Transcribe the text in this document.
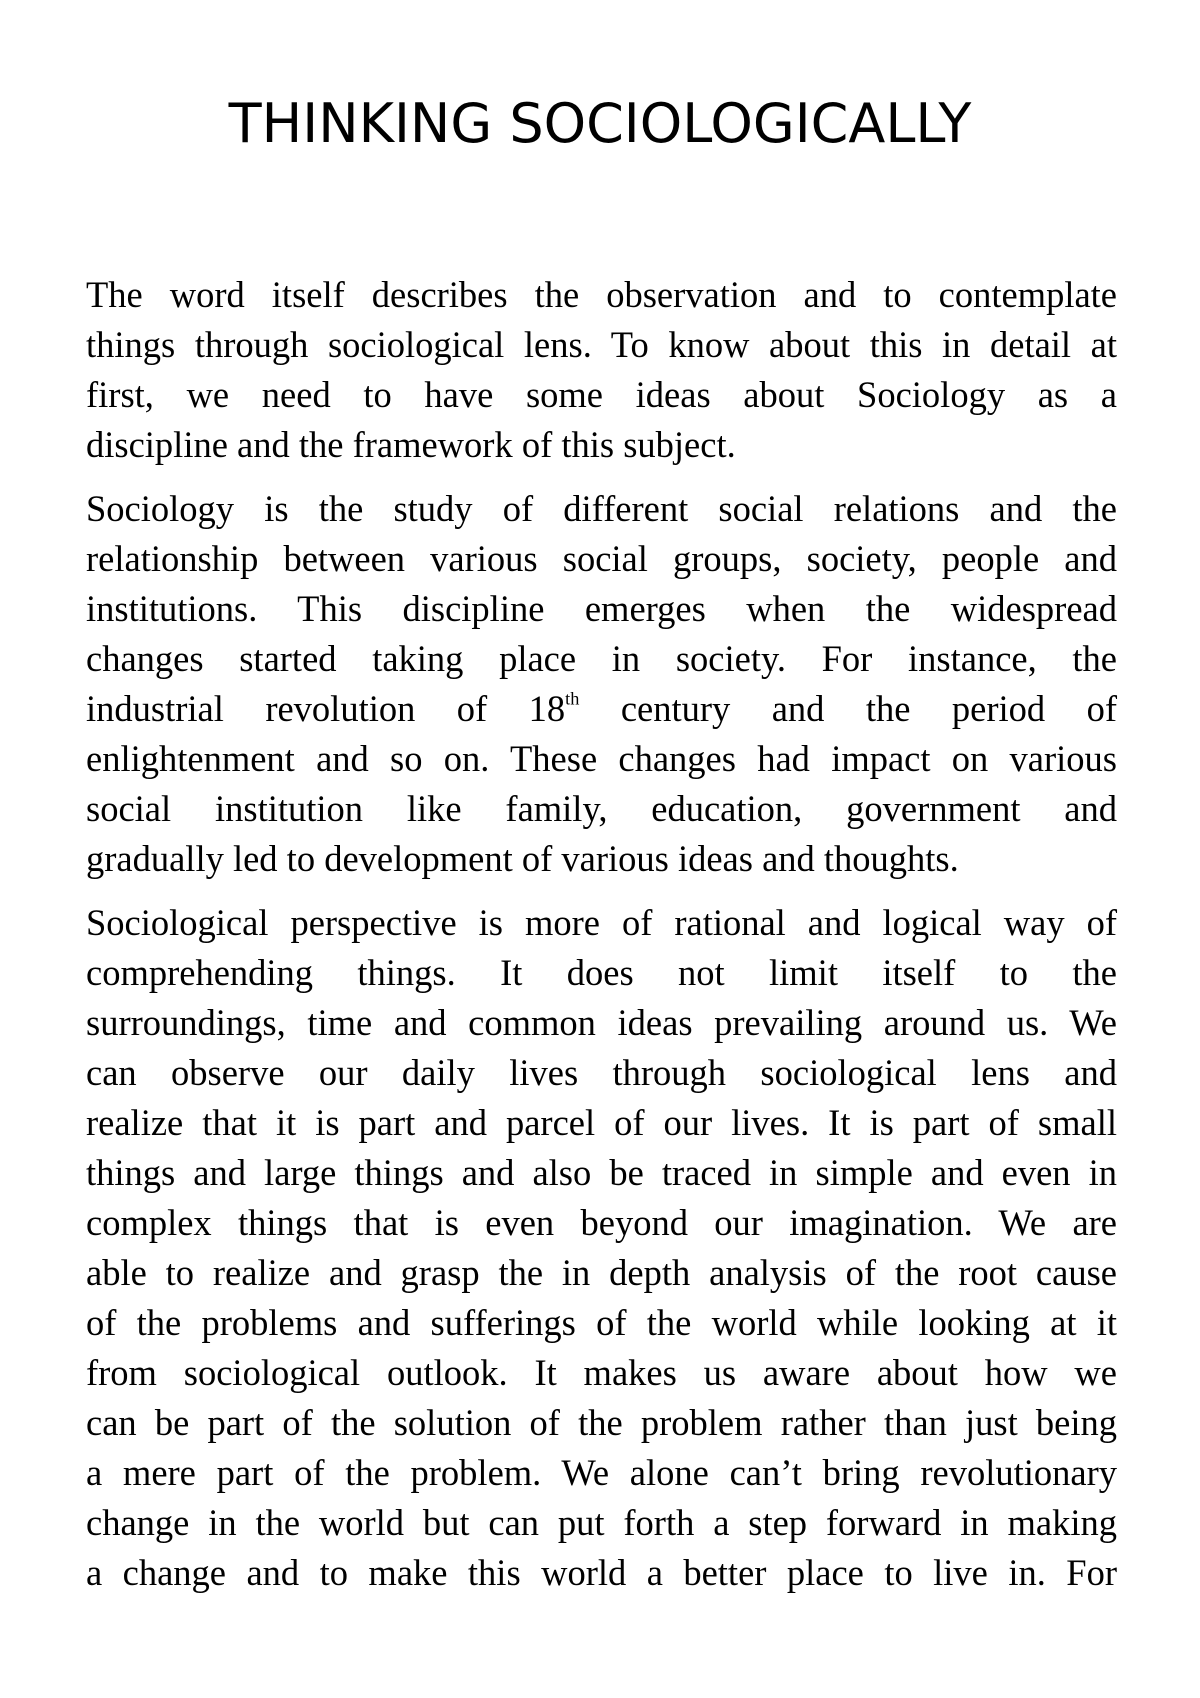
THINKING SOCIOLOGICALLY
The word itself describes the observation and to contemplate
things through sociological lens. To know about this in detail at
first, we need to have some ideas about Sociology as a
discipline and the framework of this subject.
Sociology is the study of different social relations and the
relationship between various social groups, society, people and
institutions. This discipline emerges when the widespread
changes started taking place in society. For instance, the
industrial revolution of 18th century and the period of
enlightenment and so on. These changes had impact on various
social institution like family, education, government and
gradually led to development of various ideas and thoughts.
Sociological perspective is more of rational and logical way of
comprehending things. It does not limit itself to the
surroundings, time and common ideas prevailing around us. We
can observe our daily lives through sociological lens and
realize that it is part and parcel of our lives. It is part of small
things and large things and also be traced in simple and even in
complex things that is even beyond our imagination. We are
able to realize and grasp the in depth analysis of the root cause
of the problems and sufferings of the world while looking at it
from sociological outlook. It makes us aware about how we
can be part of the solution of the problem rather than just being
a mere part of the problem. We alone can’t bring revolutionary
change in the world but can put forth a step forward in making
a change and to make this world a better place to live in. For
